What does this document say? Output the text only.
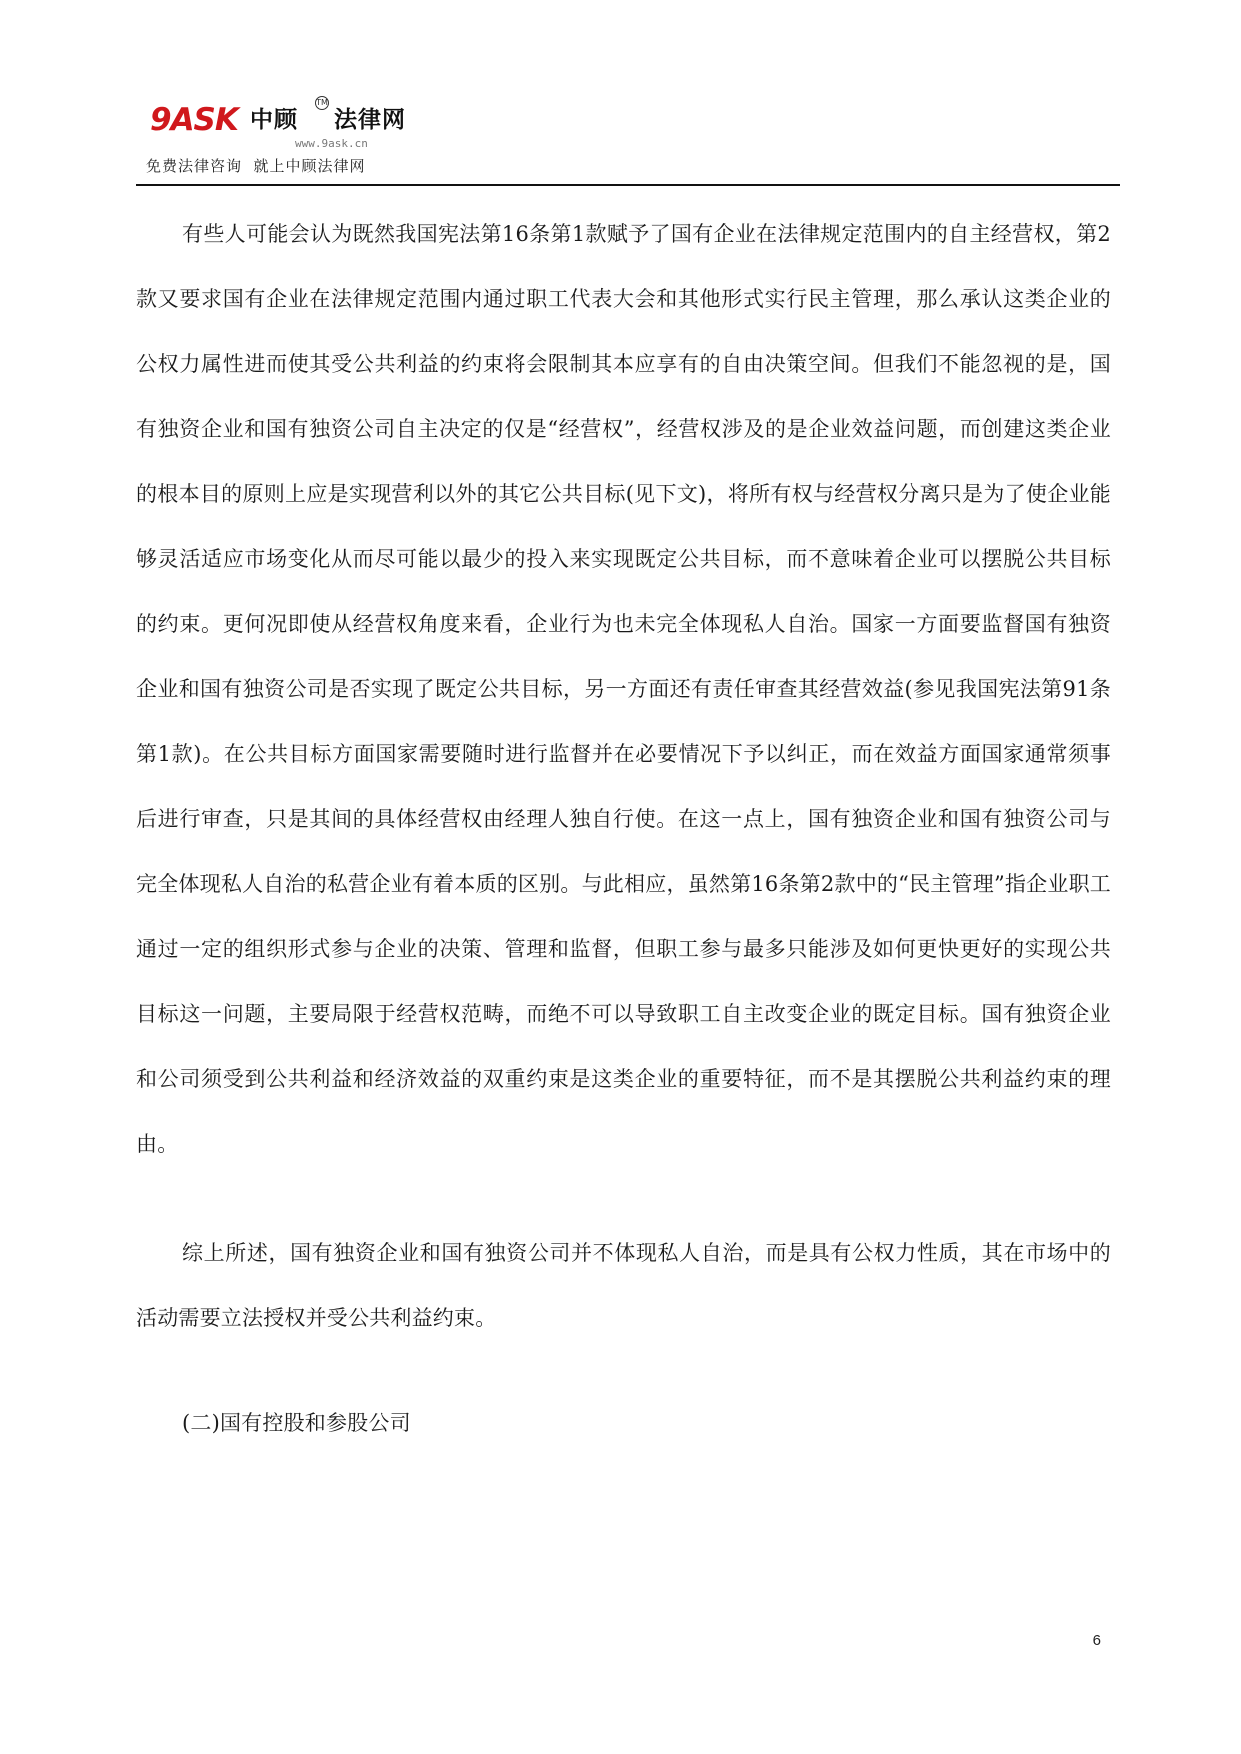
9ASK 中顾
TM
法律网
www.9ask.cn
免费法律咨询  就上中顾法律网

有些人可能会认为既然我国宪法第16条第1款赋予了国有企业在法律规定范围内的自主经营权，第2款又要求国有企业在法律规定范围内通过职工代表大会和其他形式实行民主管理，那么承认这类企业的公权力属性进而使其受公共利益的约束将会限制其本应享有的自由决策空间。但我们不能忽视的是，国有独资企业和国有独资公司自主决定的仅是“经营权”，经营权涉及的是企业效益问题，而创建这类企业的根本目的原则上应是实现营利以外的其它公共目标(见下文)，将所有权与经营权分离只是为了使企业能够灵活适应市场变化从而尽可能以最少的投入来实现既定公共目标，而不意味着企业可以摆脱公共目标的约束。更何况即使从经营权角度来看，企业行为也未完全体现私人自治。国家一方面要监督国有独资企业和国有独资公司是否实现了既定公共目标，另一方面还有责任审查其经营效益(参见我国宪法第91条第1款)。在公共目标方面国家需要随时进行监督并在必要情况下予以纠正，而在效益方面国家通常须事后进行审查，只是其间的具体经营权由经理人独自行使。在这一点上，国有独资企业和国有独资公司与完全体现私人自治的私营企业有着本质的区别。与此相应，虽然第16条第2款中的“民主管理”指企业职工通过一定的组织形式参与企业的决策、管理和监督，但职工参与最多只能涉及如何更快更好的实现公共目标这一问题，主要局限于经营权范畴，而绝不可以导致职工自主改变企业的既定目标。国有独资企业和公司须受到公共利益和经济效益的双重约束是这类企业的重要特征，而不是其摆脱公共利益约束的理由。

综上所述，国有独资企业和国有独资公司并不体现私人自治，而是具有公权力性质，其在市场中的活动需要立法授权并受公共利益约束。

(二)国有控股和参股公司

6
